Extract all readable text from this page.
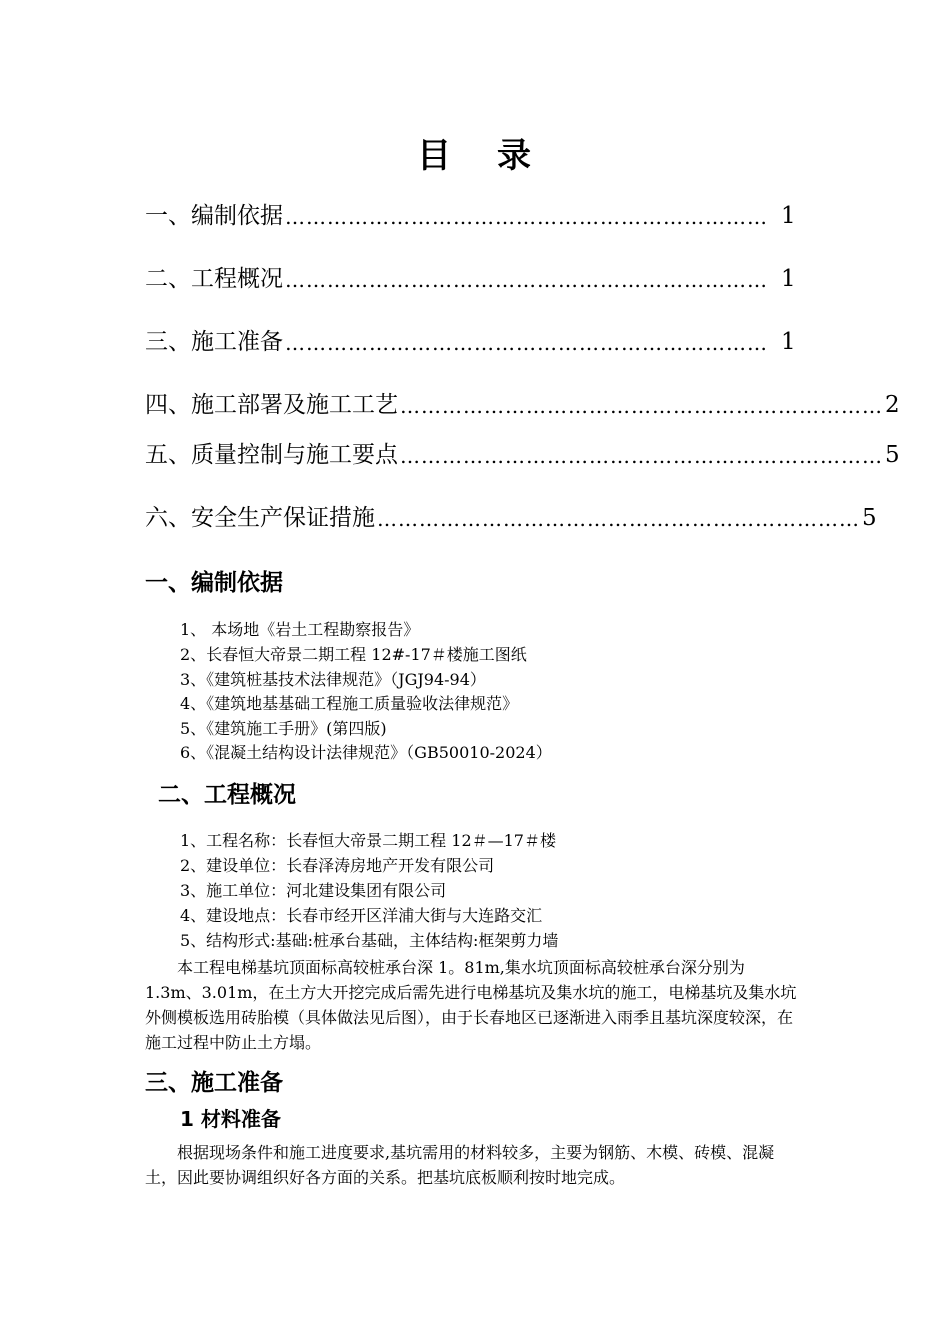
目 录
一、编制依据 …………………………………………………………… 1
二、工程概况 …………………………………………………………… 1
三、施工准备 …………………………………………………………… 1
四、施工部署及施工工艺 …………………………………………………………… 2
五、质量控制与施工要点 …………………………………………………………… 5
六、安全生产保证措施 …………………………………………………………… 5
一、编制依据
1、 本场地《岩土工程勘察报告》
2、长春恒大帝景二期工程 12#-17＃楼施工图纸
3、《建筑桩基技术法律规范》（JGJ94-94）
4、《建筑地基基础工程施工质量验收法律规范》
5、《建筑施工手册》(第四版)
6、《混凝土结构设计法律规范》（GB50010-2024）
二、工程概况
1、工程名称：长春恒大帝景二期工程 12＃—17＃楼
2、建设单位：长春泽涛房地产开发有限公司
3、施工单位：河北建设集团有限公司
4、建设地点：长春市经开区洋浦大街与大连路交汇
5、结构形式:基础:桩承台基础，主体结构:框架剪力墙
本工程电梯基坑顶面标高较桩承台深 1。81m,集水坑顶面标高较桩承台深分别为 1.3m、3.01m，在土方大开挖完成后需先进行电梯基坑及集水坑的施工，电梯基坑及集水坑外侧模板选用砖胎模（具体做法见后图），由于长春地区已逐渐进入雨季且基坑深度较深，在施工过程中防止土方塌。
三、施工准备
1 材料准备
根据现场条件和施工进度要求,基坑需用的材料较多，主要为钢筋、木模、砖模、混凝土，因此要协调组织好各方面的关系。把基坑底板顺利按时地完成。
